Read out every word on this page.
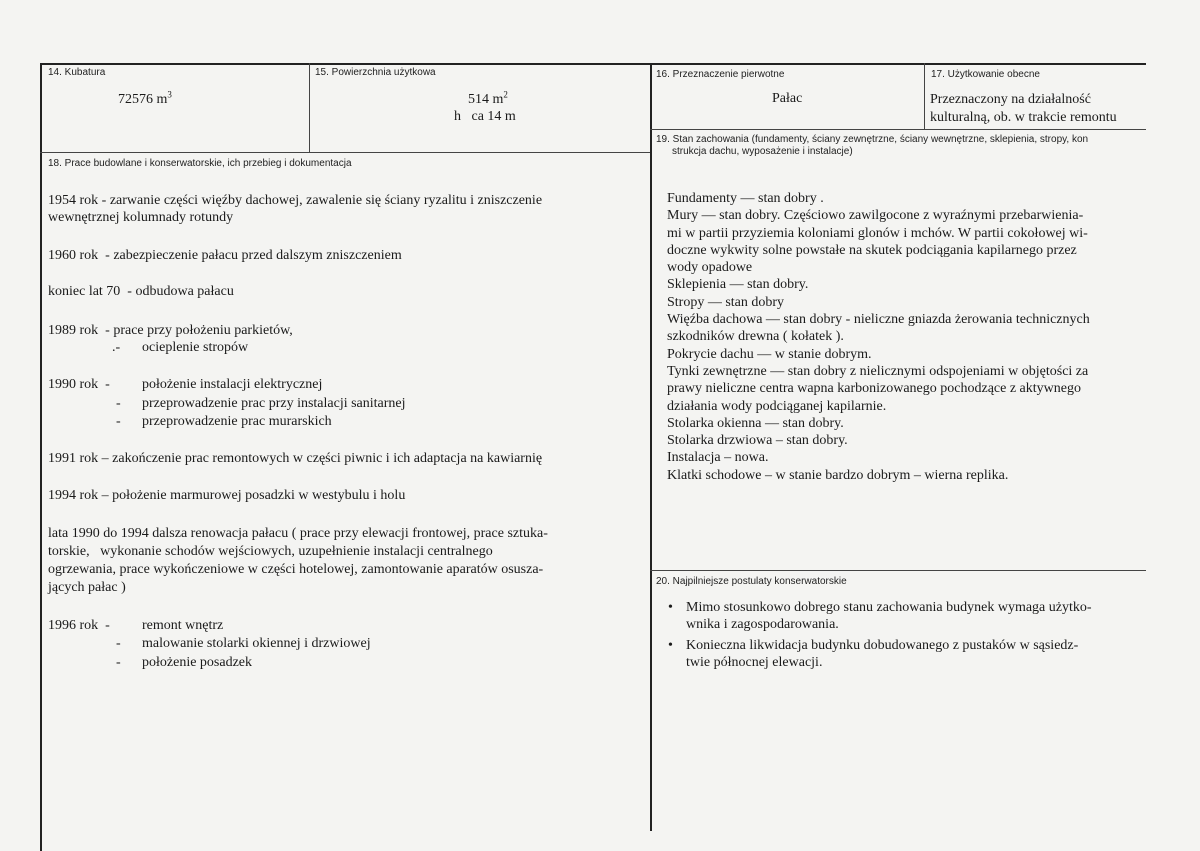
14. Kubatura
72576 $m^3$
15. Powierzchnia użytkowa
514 $m^2$
h   ca 14 m
16. Przeznaczenie pierwotne
Pałac
17. Użytkowanie obecne
Przeznaczony na działalność
kulturalną, ob. w trakcie remontu
18. Prace budowlane i konserwatorskie, ich przebieg i dokumentacja
19. Stan zachowania (fundamenty, ściany zewnętrzne, ściany wewnętrzne, sklepienia, stropy, kon
strukcja dachu, wyposażenie i instalacje)
20. Najpilniejsze postulaty konserwatorskie
1954 rok - zarwanie części więźby dachowej, zawalenie się ściany ryzalitu i zniszczenie
wewnętrznej kolumnady rotundy
1960 rok  - zabezpieczenie pałacu przed dalszym zniszczeniem
koniec lat 70  - odbudowa pałacu
1989 rok  - prace przy położeniu parkietów,
.- ocieplenie stropów
1990 rok  - położenie instalacji elektrycznej
- przeprowadzenie prac przy instalacji sanitarnej
- przeprowadzenie prac murarskich
1991 rok – zakończenie prac remontowych w części piwnic i ich adaptacja na kawiarnię
1994 rok – położenie marmurowej posadzki w westybulu i holu
lata 1990 do 1994 dalsza renowacja pałacu ( prace przy elewacji frontowej, prace sztuka-
torskie,   wykonanie schodów wejściowych, uzupełnienie instalacji centralnego
ogrzewania, prace wykończeniowe w części hotelowej, zamontowanie aparatów osusza-
jących pałac )
1996 rok  - remont wnętrz
- malowanie stolarki okiennej i drzwiowej
- położenie posadzek
Fundamenty — stan dobry .
Mury — stan dobry. Częściowo zawilgocone z wyraźnymi przebarwienia-
mi w partii przyziemia koloniami glonów i mchów. W partii cokołowej wi-
doczne wykwity solne powstałe na skutek podciągania kapilarnego przez
wody opadowe
Sklepienia — stan dobry.
Stropy — stan dobry
Więźba dachowa — stan dobry - nieliczne gniazda żerowania technicznych
szkodników drewna ( kołatek ).
Pokrycie dachu — w stanie dobrym.
Tynki zewnętrzne — stan dobry z nielicznymi odspojeniami w objętości za
prawy nieliczne centra wapna karbonizowanego pochodzące z aktywnego
działania wody podciąganej kapilarnie.
Stolarka okienna — stan dobry.
Stolarka drzwiowa – stan dobry.
Instalacja – nowa.
Klatki schodowe – w stanie bardzo dobrym – wierna replika.
• Mimo stosunkowo dobrego stanu zachowania budynek wymaga użytko-
wnika i zagospodarowania.
• Konieczna likwidacja budynku dobudowanego z pustaków w sąsiedz-
twie północnej elewacji.
